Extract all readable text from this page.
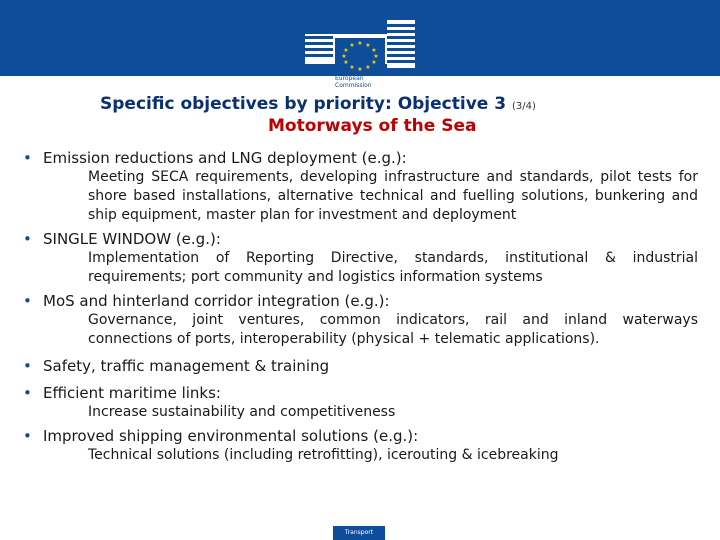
★ ★
★
★
★
★
★
★
★
★
★
★
European
Commission
Specific objectives by priority: Objective 3 (3/4)
Motorways of the Sea
• Emission reductions and LNG deployment (e.g.):
Meeting SECA requirements, developing infrastructure and standards, pilot tests for shore based installations, alternative technical and fuelling solutions, bunkering and ship equipment, master plan for investment and deployment
• SINGLE WINDOW (e.g.):
Implementation of Reporting Directive, standards, institutional & industrial requirements; port community and logistics information systems
• MoS and hinterland corridor integration (e.g.):
Governance, joint ventures, common indicators, rail and inland waterways connections of ports, interoperability (physical + telematic applications).
• Safety, traffic management & training
• Efficient maritime links:
Increase sustainability and competitiveness
• Improved shipping environmental solutions (e.g.):
Technical solutions (including retrofitting), icerouting & icebreaking
Transport
